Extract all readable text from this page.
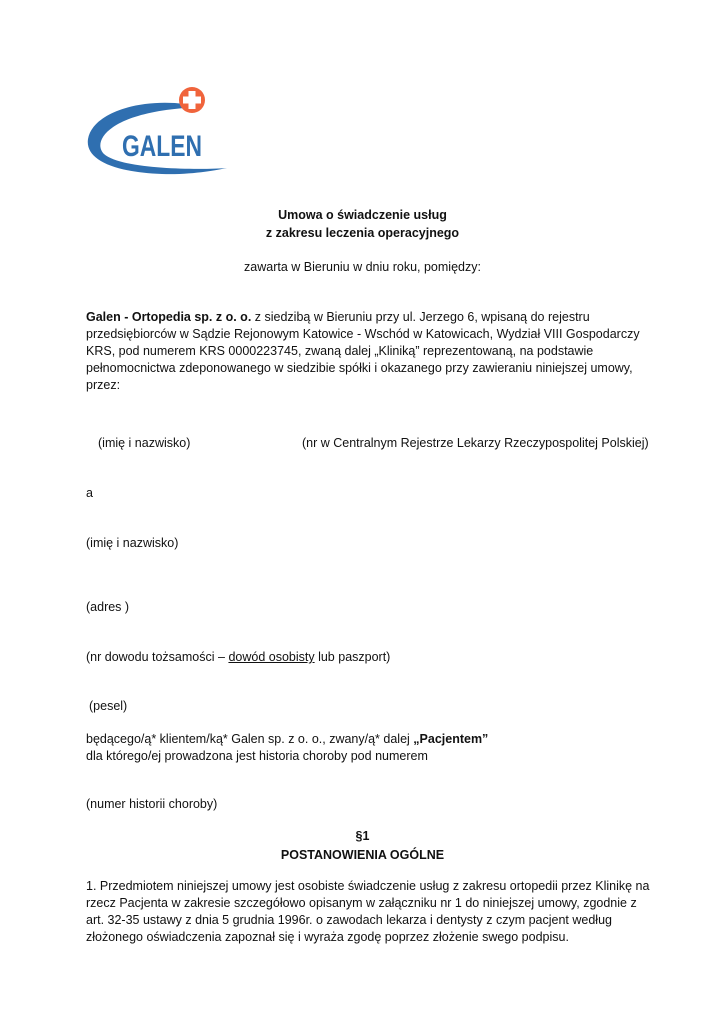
GALEN
Umowa o świadczenie usług
z zakresu leczenia operacyjnego
zawarta w Bieruniu w dniu roku, pomiędzy:
Galen - Ortopedia sp. z o. o. z siedzibą w Bieruniu przy ul. Jerzego 6, wpisaną do rejestru
przedsiębiorców w Sądzie Rejonowym Katowice - Wschód w Katowicach, Wydział VIII Gospodarczy
KRS, pod numerem KRS 0000223745, zwaną dalej „Kliniką” reprezentowaną, na podstawie
pełnomocnictwa zdeponowanego w siedzibie spółki i okazanego przy zawieraniu niniejszej umowy,
przez:
(imię i nazwisko)	(nr w Centralnym Rejestrze Lekarzy Rzeczypospolitej Polskiej)
a
(imię i nazwisko)
(adres )
(nr dowodu tożsamości – dowód osobisty lub paszport)
(pesel)
będącego/ą* klientem/ką* Galen sp. z o. o., zwany/ą* dalej „Pacjentem”
dla którego/ej prowadzona jest historia choroby pod numerem
(numer historii choroby)
§1
POSTANOWIENIA OGÓLNE
1. Przedmiotem niniejszej umowy jest osobiste świadczenie usług z zakresu ortopedii przez Klinikę na
rzecz Pacjenta w zakresie szczegółowo opisanym w załączniku nr 1 do niniejszej umowy, zgodnie z
art. 32-35 ustawy z dnia 5 grudnia 1996r. o zawodach lekarza i dentysty z czym pacjent według
złożonego oświadczenia zapoznał się i wyraża zgodę poprzez złożenie swego podpisu.
